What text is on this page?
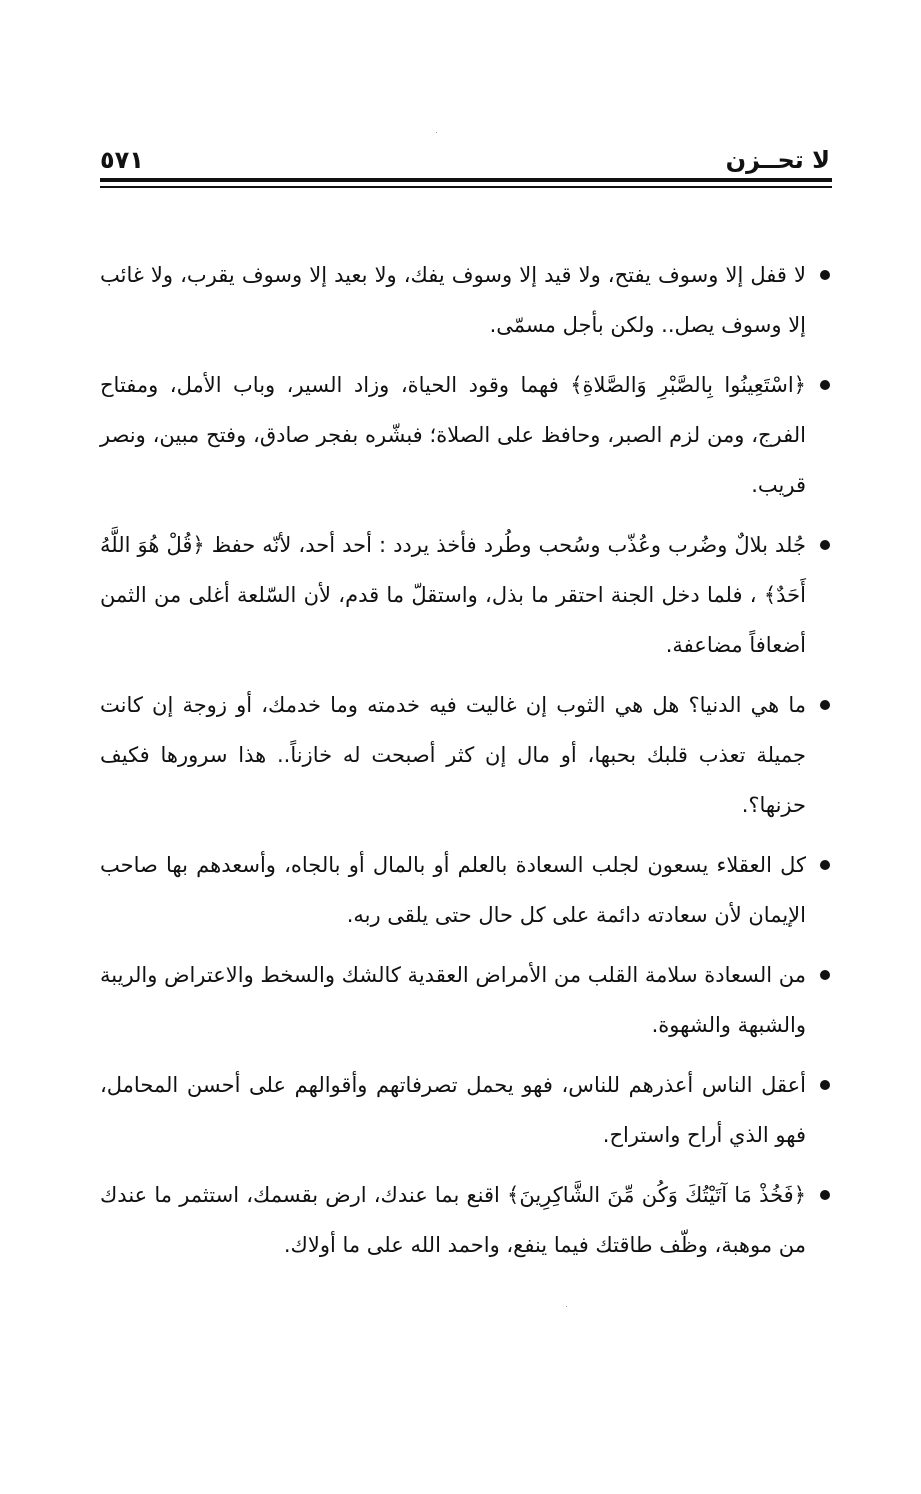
لا تحــزن
٥٧١
لا قفل إلا وسوف يفتح، ولا قيد إلا وسوف يفك، ولا بعيد إلا وسوف يقرب، ولا غائب إلا وسوف يصل.. ولكن بأجل مسمّى.
﴿اسْتَعِينُوا بِالصَّبْرِ وَالصَّلاةِ﴾ فهما وقود الحياة، وزاد السير، وباب الأمل، ومفتاح الفرج، ومن لزم الصبر، وحافظ على الصلاة؛ فبشّره بفجر صادق، وفتح مبين، ونصر قريب.
جُلد بلالٌ وضُرب وعُذّب وسُحب وطُرد فأخذ يردد : أحد أحد، لأنّه حفظ ﴿قُلْ هُوَ اللَّهُ أَحَدٌ﴾ ، فلما دخل الجنة احتقر ما بذل، واستقلّ ما قدم، لأن السّلعة أغلى من الثمن أضعافاً مضاعفة.
ما هي الدنيا؟ هل هي الثوب إن غاليت فيه خدمته وما خدمك، أو زوجة إن كانت جميلة تعذب قلبك بحبها، أو مال إن كثر أصبحت له خازناً.. هذا سرورها فكيف حزنها؟.
كل العقلاء يسعون لجلب السعادة بالعلم أو بالمال أو بالجاه، وأسعدهم بها صاحب الإيمان لأن سعادته دائمة على كل حال حتى يلقى ربه.
من السعادة سلامة القلب من الأمراض العقدية كالشك والسخط والاعتراض والريبة والشبهة والشهوة.
أعقل الناس أعذرهم للناس، فهو يحمل تصرفاتهم وأقوالهم على أحسن المحامل، فهو الذي أراح واستراح.
﴿فَخُذْ مَا آتَيْتُكَ وَكُن مِّنَ الشَّاكِرِينَ﴾ اقنع بما عندك، ارض بقسمك، استثمر ما عندك من موهبة، وظّف طاقتك فيما ينفع، واحمد الله على ما أولاك.
